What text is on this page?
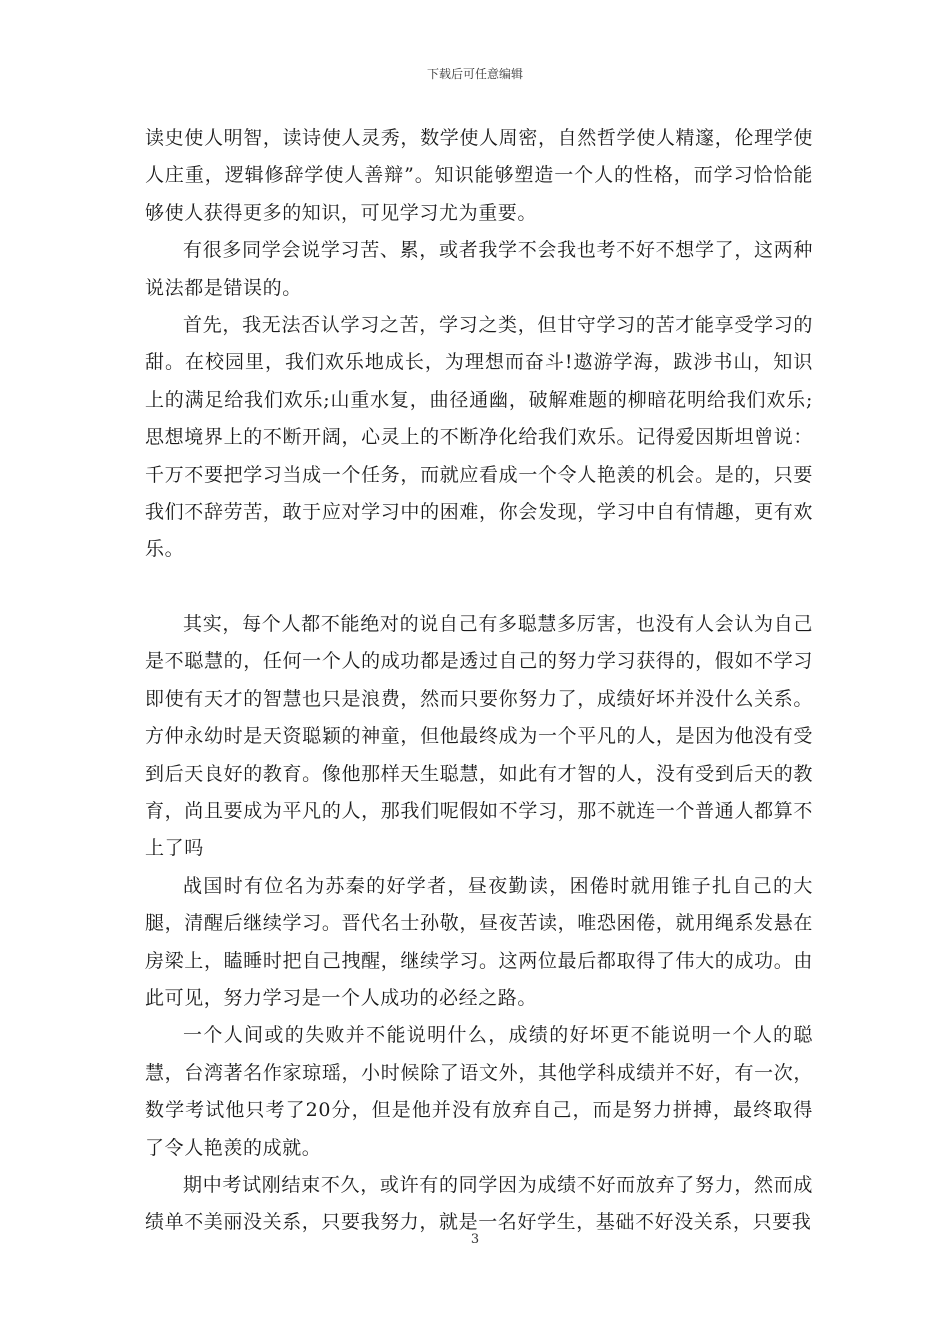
下载后可任意编辑

读史使人明智，读诗使人灵秀，数学使人周密，自然哲学使人精邃，伦理学使人庄重，逻辑修辞学使人善辩”。知识能够塑造一个人的性格，而学习恰恰能够使人获得更多的知识，可见学习尤为重要。

有很多同学会说学习苦、累，或者我学不会我也考不好不想学了，这两种说法都是错误的。

首先，我无法否认学习之苦，学习之类，但甘守学习的苦才能享受学习的甜。在校园里，我们欢乐地成长，为理想而奋斗!遨游学海，跋涉书山，知识上的满足给我们欢乐;山重水复，曲径通幽，破解难题的柳暗花明给我们欢乐;思想境界上的不断开阔，心灵上的不断净化给我们欢乐。记得爱因斯坦曾说：千万不要把学习当成一个任务，而就应看成一个令人艳羡的机会。是的，只要我们不辞劳苦，敢于应对学习中的困难，你会发现，学习中自有情趣，更有欢乐。

其实，每个人都不能绝对的说自己有多聪慧多厉害，也没有人会认为自己是不聪慧的，任何一个人的成功都是透过自己的努力学习获得的，假如不学习即使有天才的智慧也只是浪费，然而只要你努力了，成绩好坏并没什么关系。方仲永幼时是天资聪颖的神童，但他最终成为一个平凡的人，是因为他没有受到后天良好的教育。像他那样天生聪慧，如此有才智的人，没有受到后天的教育，尚且要成为平凡的人，那我们呢假如不学习，那不就连一个普通人都算不上了吗

战国时有位名为苏秦的好学者，昼夜勤读，困倦时就用锥子扎自己的大腿，清醒后继续学习。晋代名士孙敬，昼夜苦读，唯恐困倦，就用绳系发悬在房梁上，瞌睡时把自己拽醒，继续学习。这两位最后都取得了伟大的成功。由此可见，努力学习是一个人成功的必经之路。

一个人间或的失败并不能说明什么，成绩的好坏更不能说明一个人的聪慧，台湾著名作家琼瑶，小时候除了语文外，其他学科成绩并不好，有一次，数学考试他只考了20分，但是他并没有放弃自己，而是努力拼搏，最终取得了令人艳羡的成就。

期中考试刚结束不久，或许有的同学因为成绩不好而放弃了努力，然而成绩单不美丽没关系，只要我努力，就是一名好学生，基础不好没关系，只要我

3
